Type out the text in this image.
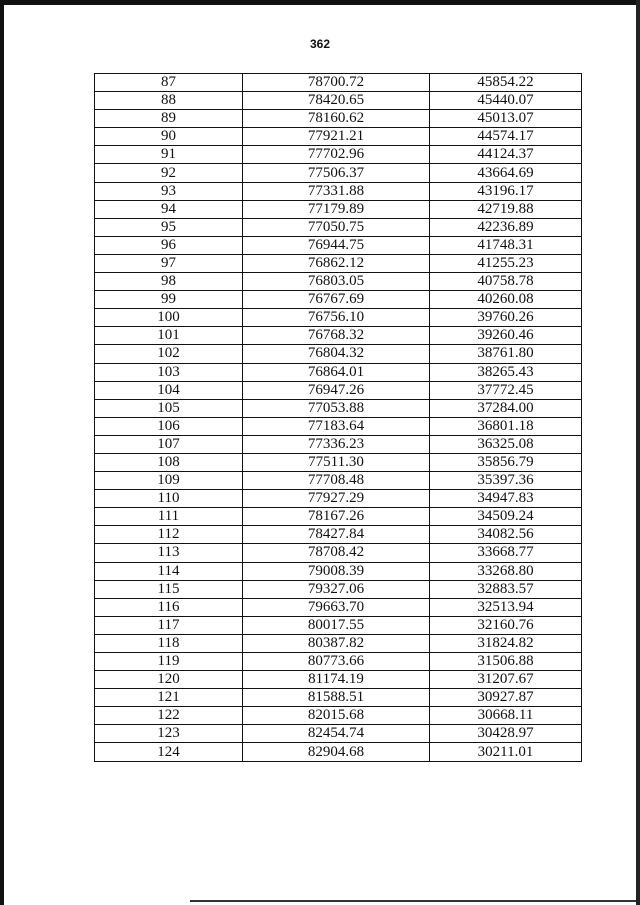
362
87	78700.72	45854.22
88	78420.65	45440.07
89	78160.62	45013.07
90	77921.21	44574.17
91	77702.96	44124.37
92	77506.37	43664.69
93	77331.88	43196.17
94	77179.89	42719.88
95	77050.75	42236.89
96	76944.75	41748.31
97	76862.12	41255.23
98	76803.05	40758.78
99	76767.69	40260.08
100	76756.10	39760.26
101	76768.32	39260.46
102	76804.32	38761.80
103	76864.01	38265.43
104	76947.26	37772.45
105	77053.88	37284.00
106	77183.64	36801.18
107	77336.23	36325.08
108	77511.30	35856.79
109	77708.48	35397.36
110	77927.29	34947.83
111	78167.26	34509.24
112	78427.84	34082.56
113	78708.42	33668.77
114	79008.39	33268.80
115	79327.06	32883.57
116	79663.70	32513.94
117	80017.55	32160.76
118	80387.82	31824.82
119	80773.66	31506.88
120	81174.19	31207.67
121	81588.51	30927.87
122	82015.68	30668.11
123	82454.74	30428.97
124	82904.68	30211.01
